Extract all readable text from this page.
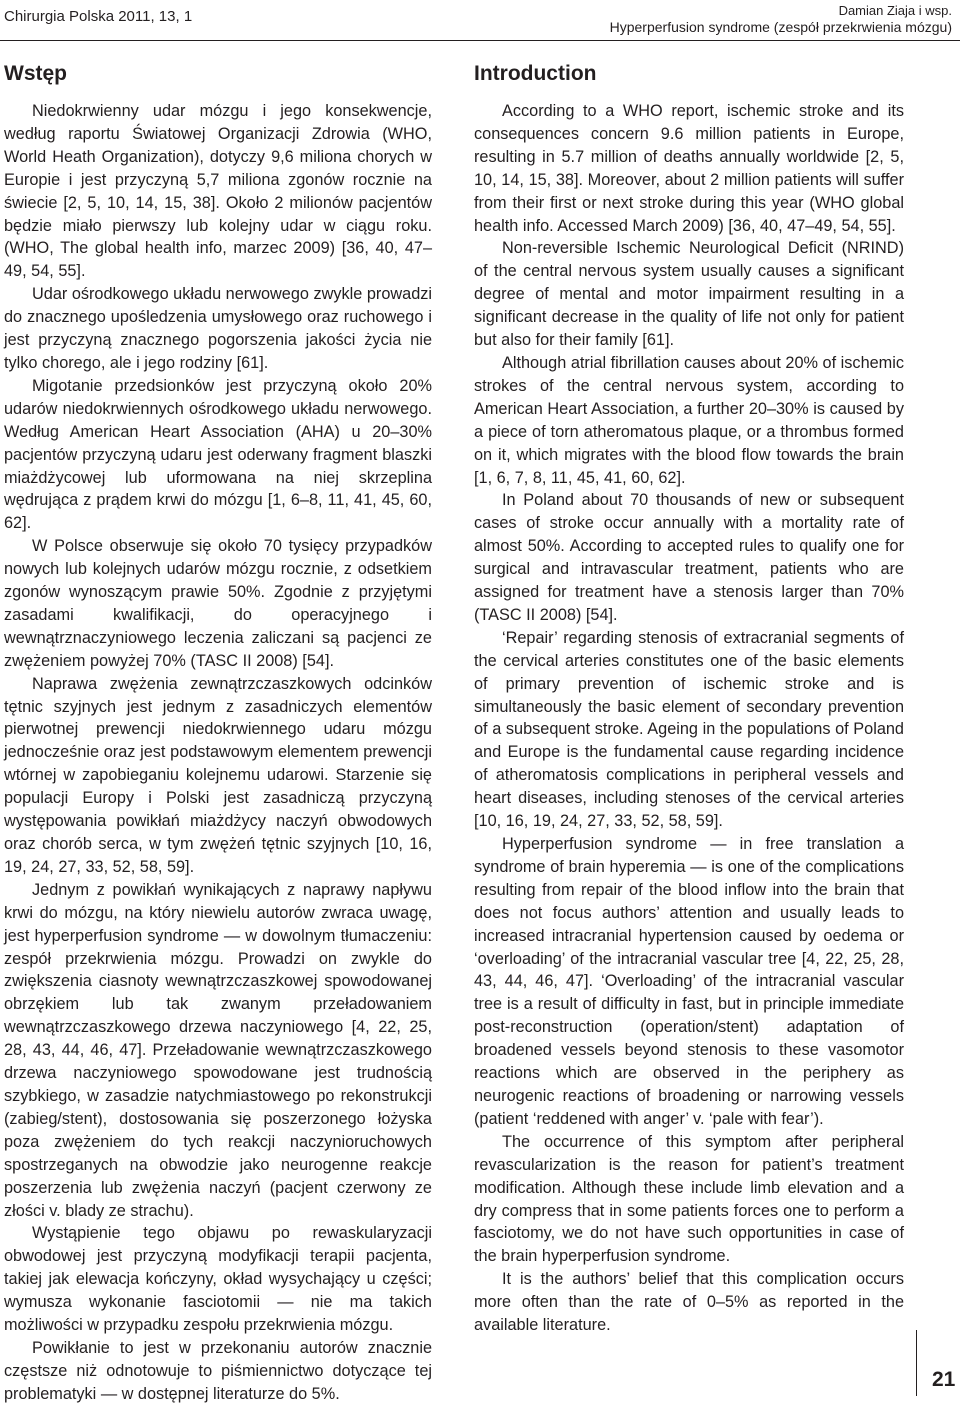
Chirurgia Polska 2011, 13, 1	Damian Ziaja i wsp.
Hyperperfusion syndrome (zespół przekrwienia mózgu)
Wstęp	Introduction

Niedokrwienny udar mózgu i jego konsekwencje, według raportu Światowej Organizacji Zdrowia (WHO, World Heath Organization), dotyczy 9,6 miliona chorych w Europie i jest przyczyną 5,7 miliona zgonów rocznie na świecie [2, 5, 10, 14, 15, 38]. Około 2 milionów pacjentów będzie miało pierwszy lub kolejny udar w ciągu roku. (WHO, The global health info, marzec 2009) [36, 40, 47–49, 54, 55].

Udar ośrodkowego układu nerwowego zwykle prowadzi do znacznego upośledzenia umysłowego oraz ruchowego i jest przyczyną znacznego pogorszenia jakości życia nie tylko chorego, ale i jego rodziny [61].

Migotanie przedsionków jest przyczyną około 20% udarów niedokrwiennych ośrodkowego układu nerwowego. Według American Heart Association (AHA) u 20–30% pacjentów przyczyną udaru jest oderwany fragment blaszki miażdżycowej lub uformowana na niej skrzeplina wędrująca z prądem krwi do mózgu [1, 6–8, 11, 41, 45, 60, 62].

W Polsce obserwuje się około 70 tysięcy przypadków nowych lub kolejnych udarów mózgu rocznie, z odsetkiem zgonów wynoszącym prawie 50%. Zgodnie z przyjętymi zasadami kwalifikacji, do operacyjnego i wewnątrznaczyniowego leczenia zaliczani są pacjenci ze zwężeniem powyżej 70% (TASC II 2008) [54].

Naprawa zwężenia zewnątrzczaszkowych odcinków tętnic szyjnych jest jednym z zasadniczych elementów pierwotnej prewencji niedokrwiennego udaru mózgu jednocześnie oraz jest podstawowym elementem prewencji wtórnej w zapobieganiu kolejnemu udarowi. Starzenie się populacji Europy i Polski jest zasadniczą przyczyną występowania powikłań miażdżycy naczyń obwodowych oraz chorób serca, w tym zwężeń tętnic szyjnych [10, 16, 19, 24, 27, 33, 52, 58, 59].

Jednym z powikłań wynikających z naprawy napływu krwi do mózgu, na który niewielu autorów zwraca uwagę, jest hyperperfusion syndrome — w dowolnym tłumaczeniu: zespół przekrwienia mózgu. Prowadzi on zwykle do zwiększenia ciasnoty wewnątrzczaszkowej spowodowanej obrzękiem lub tak zwanym przeładowaniem wewnątrzczaszkowego drzewa naczyniowego [4, 22, 25, 28, 43, 44, 46, 47]. Przeładowanie wewnątrzczaszkowego drzewa naczyniowego spowodowane jest trudnością szybkiego, w zasadzie natychmiastowego po rekonstrukcji (zabieg/stent), dostosowania się poszerzonego łożyska poza zwężeniem do tych reakcji naczynioruchowych spostrzeganych na obwodzie jako neurogenne reakcje poszerzenia lub zwężenia naczyń (pacjent czerwony ze złości v. blady ze strachu).

Wystąpienie tego objawu po rewaskularyzacji obwodowej jest przyczyną modyfikacji terapii pacjenta, takiej jak elewacja kończyny, okład wysychający u części; wymusza wykonanie fasciotomii — nie ma takich możliwości w przypadku zespołu przekrwienia mózgu.

Powikłanie to jest w przekonaniu autorów znacznie częstsze niż odnotowuje to piśmiennictwo dotyczące tej problematyki — w dostępnej literaturze do 5%.

According to a WHO report, ischemic stroke and its consequences concern 9.6 million patients in Europe, resulting in 5.7 million of deaths annually worldwide [2, 5, 10, 14, 15, 38]. Moreover, about 2 million patients will suffer from their first or next stroke during this year (WHO global health info. Accessed March 2009) [36, 40, 47–49, 54, 55].

Non-reversible Ischemic Neurological Deficit (NRIND) of the central nervous system usually causes a significant degree of mental and motor impairment resulting in a significant decrease in the quality of life not only for patient but also for their family [61].

Although atrial fibrillation causes about 20% of ischemic strokes of the central nervous system, according to American Heart Association, a further 20–30% is caused by a piece of torn atheromatous plaque, or a thrombus formed on it, which migrates with the blood flow towards the brain [1, 6, 7, 8, 11, 45, 41, 60, 62].

In Poland about 70 thousands of new or subsequent cases of stroke occur annually with a mortality rate of almost 50%. According to accepted rules to qualify one for surgical and intravascular treatment, patients who are assigned for treatment have a stenosis larger than 70% (TASC II 2008) [54].

‘Repair’ regarding stenosis of extracranial segments of the cervical arteries constitutes one of the basic elements of primary prevention of ischemic stroke and is simultaneously the basic element of secondary prevention of a subsequent stroke. Ageing in the populations of Poland and Europe is the fundamental cause regarding incidence of atheromatosis complications in peripheral vessels and heart diseases, including stenoses of the cervical arteries [10, 16, 19, 24, 27, 33, 52, 58, 59].

Hyperperfusion syndrome — in free translation a syndrome of brain hyperemia — is one of the complications resulting from repair of the blood inflow into the brain that does not focus authors’ attention and usually leads to increased intracranial hypertension caused by oedema or ‘overloading’ of the intracranial vascular tree [4, 22, 25, 28, 43, 44, 46, 47]. ‘Overloading’ of the intracranial vascular tree is a result of difficulty in fast, but in principle immediate post-reconstruction (operation/stent) adaptation of broadened vessels beyond stenosis to these vasomotor reactions which are observed in the periphery as neurogenic reactions of broadening or narrowing vessels (patient ‘reddened with anger’ v. ‘pale with fear’).

The occurrence of this symptom after peripheral revascularization is the reason for patient’s treatment modification. Although these include limb elevation and a dry compress that in some patients forces one to perform a fasciotomy, we do not have such opportunities in case of the brain hyperperfusion syndrome.

It is the authors’ belief that this complication occurs more often than the rate of 0–5% as reported in the available literature.

21
